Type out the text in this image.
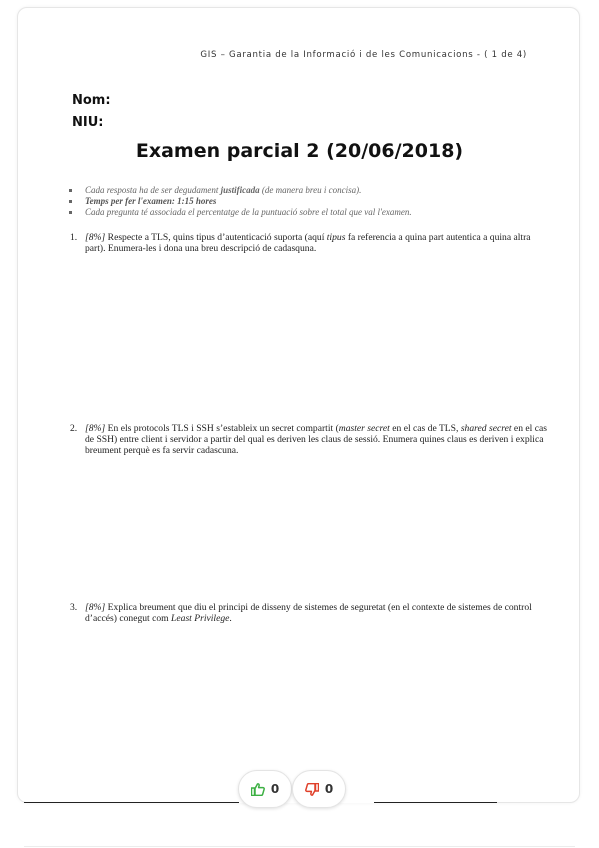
GIS – Garantia de la Informació i de les Comunicacions - ( 1 de 4)
Nom:
NIU:
Examen parcial 2 (20/06/2018)
Cada resposta ha de ser degudament justificada (de manera breu i concisa).
Temps per fer l'examen: 1:15 hores
Cada pregunta té associada el percentatge de la puntuació sobre el total que val l'examen.
1. [8%] Respecte a TLS, quins tipus d’autenticació suporta (aquí tipus fa referencia a quina part autentica a quina altra part). Enumera-les i dona una breu descripció de cadasquna.
2. [8%] En els protocols TLS i SSH s’estableix un secret compartit (master secret en el cas de TLS, shared secret en el cas de SSH) entre client i servidor a partir del qual es deriven les claus de sessió. Enumera quines claus es deriven i explica breument perquè es fa servir cadascuna.
3. [8%] Explica breument que diu el principi de disseny de sistemes de seguretat (en el contexte de sistemes de control d’accés) conegut com Least Privilege.
0	0
